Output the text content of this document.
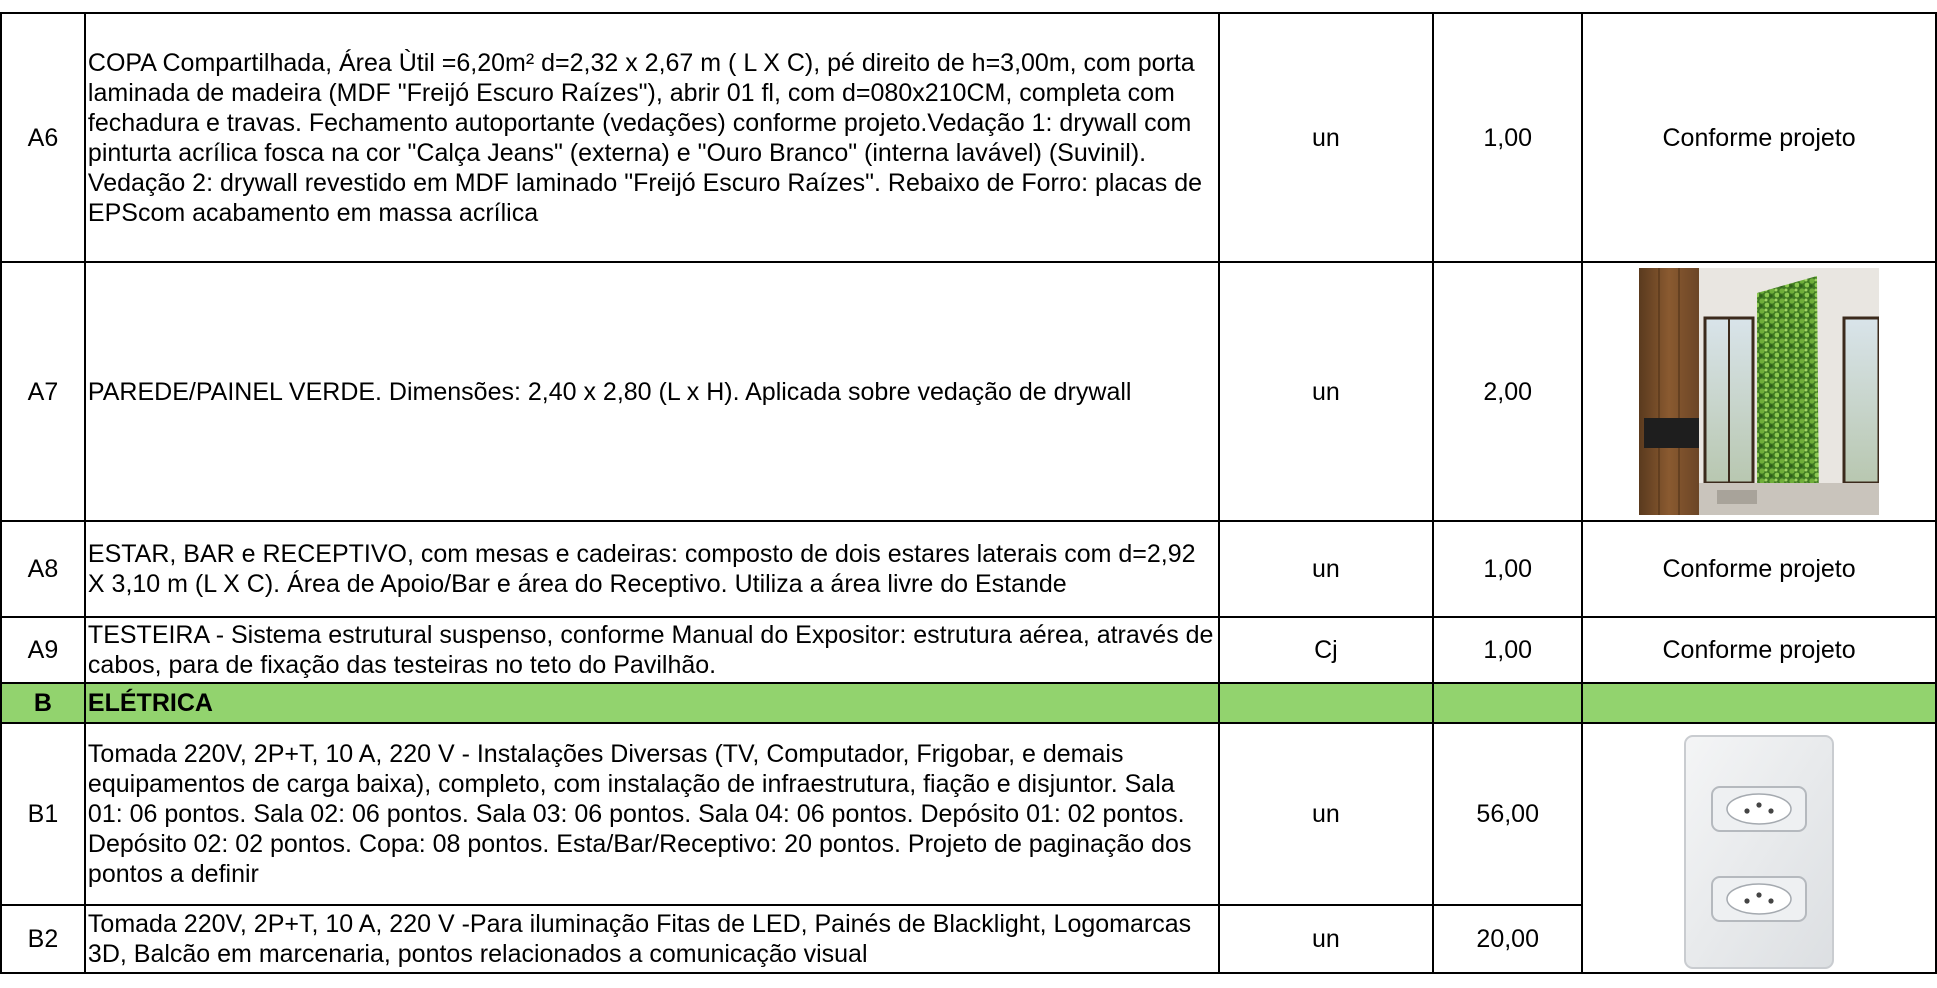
A6	COPA Compartilhada, Área Ùtil =6,20m² d=2,32 x 2,67 m ( L X C), pé direito de h=3,00m, com porta laminada de madeira (MDF "Freijó Escuro Raízes"), abrir 01 fl, com d=080x210CM, completa com fechadura e travas. Fechamento autoportante (vedações) conforme projeto.Vedação 1: drywall com pinturta acrílica fosca na cor "Calça Jeans" (externa) e "Ouro Branco" (interna lavável) (Suvinil). Vedação 2: drywall revestido em MDF laminado "Freijó Escuro Raízes". Rebaixo de Forro: placas de EPScom acabamento em massa acrílica	un	1,00	Conforme projeto
A7	PAREDE/PAINEL VERDE. Dimensões: 2,40 x 2,80 (L x H). Aplicada sobre vedação de drywall	un	2,00	

A8	ESTAR, BAR e RECEPTIVO, com mesas e cadeiras: composto de dois estares laterais com d=2,92 X 3,10 m (L X C). Área de Apoio/Bar e área do Receptivo. Utiliza a área livre do Estande	un	1,00	Conforme projeto
A9	TESTEIRA - Sistema estrutural suspenso, conforme Manual do Expositor: estrutura aérea, através de cabos, para de fixação das testeiras no teto do Pavilhão.	Cj	1,00	Conforme projeto
B	ELÉTRICA			
B1	Tomada 220V, 2P+T, 10 A, 220 V - Instalações Diversas (TV, Computador, Frigobar, e demais equipamentos de carga baixa), completo, com instalação de infraestrutura, fiação e disjuntor. Sala 01: 06 pontos. Sala 02: 06 pontos. Sala 03: 06 pontos. Sala 04: 06 pontos. Depósito 01: 02 pontos. Depósito 02: 02 pontos. Copa: 08 pontos. Esta/Bar/Receptivo: 20 pontos. Projeto de paginação dos pontos a definir	un	56,00	

B2	Tomada 220V, 2P+T, 10 A, 220 V -Para iluminação Fitas de LED, Painés de Blacklight, Logomarcas 3D, Balcão em marcenaria, pontos relacionados a comunicação visual	un	20,00	
